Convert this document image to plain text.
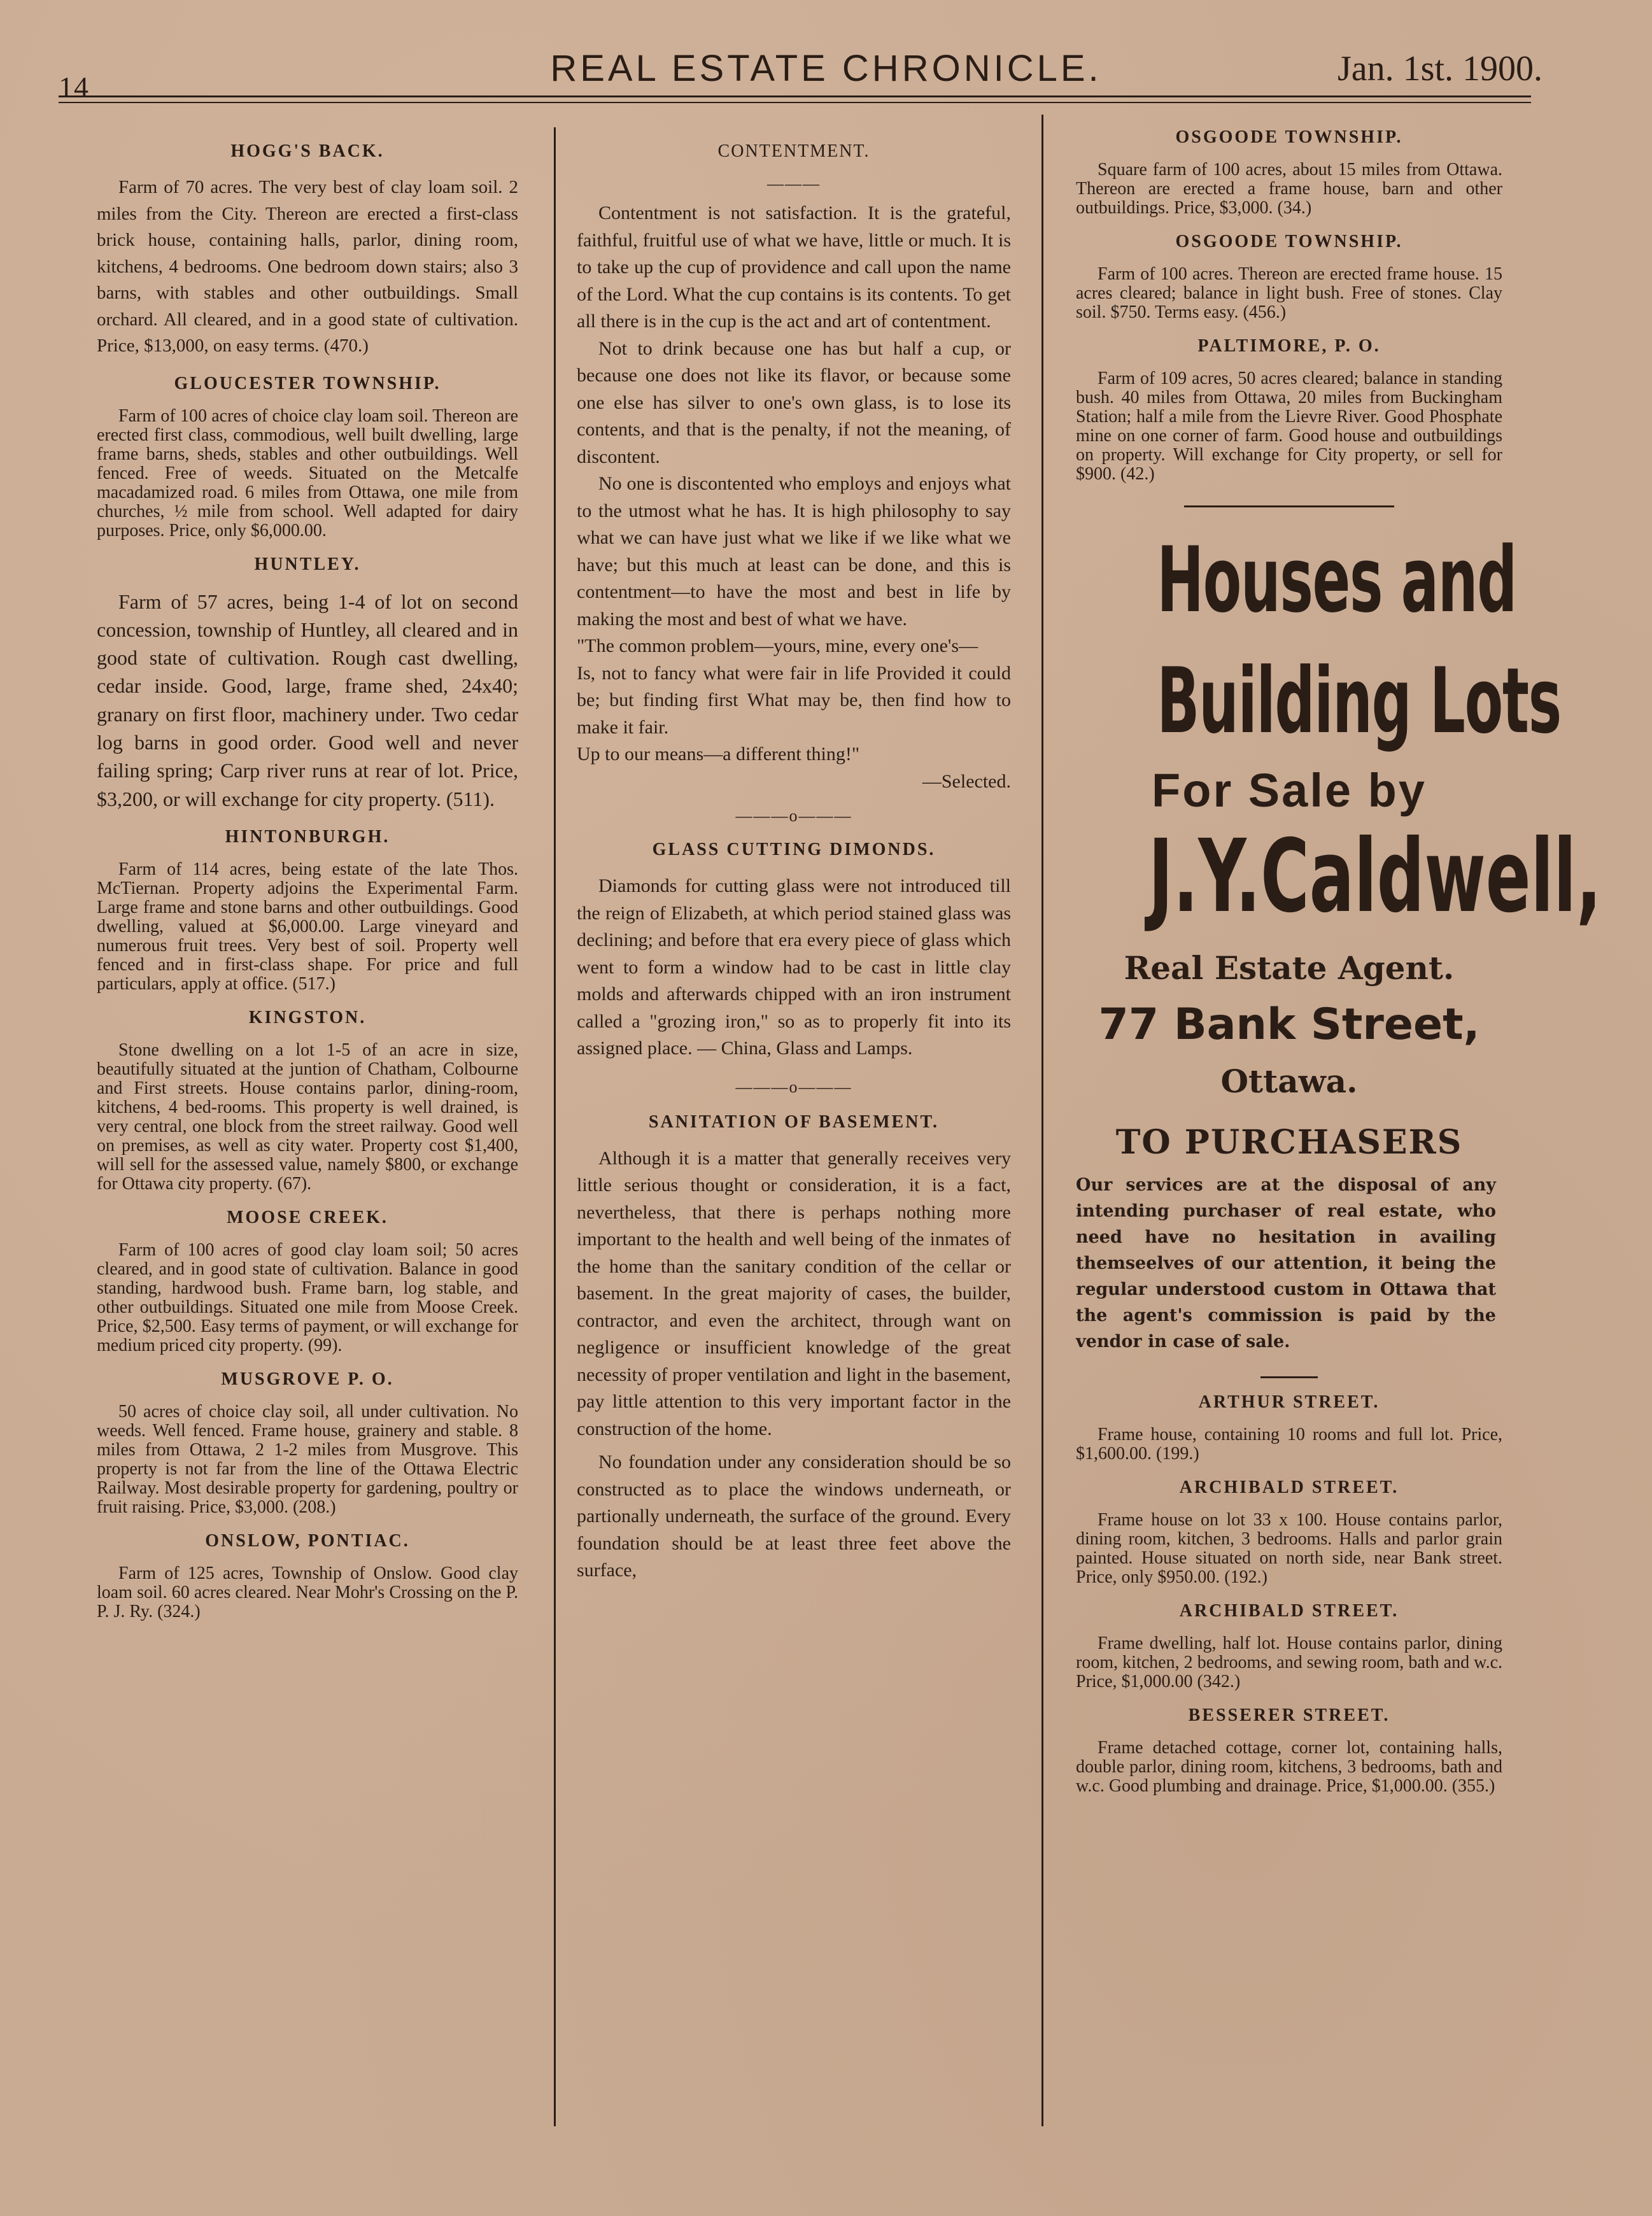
14	REAL ESTATE CHRONICLE.	Jan. 1st. 1900.
HOGG'S BACK.

Farm of 70 acres. The very best of clay loam soil. 2 miles from the City. Thereon are erected a first-class brick house, containing halls, parlor, dining room, kitchens, 4 bedrooms. One bedroom down stairs; also 3 barns, with stables and other outbuildings. Small orchard. All cleared, and in a good state of cultivation. Price, $13,000, on easy terms. (470.)

GLOUCESTER TOWNSHIP.

Farm of 100 acres of choice clay loam soil. Thereon are erected first class, commodious, well built dwelling, large frame barns, sheds, stables and other outbuildings. Well fenced. Free of weeds. Situated on the Metcalfe macadamized road. 6 miles from Ottawa, one mile from churches, ½ mile from school. Well adapted for dairy purposes. Price, only $6,000.00.

HUNTLEY.

Farm of 57 acres, being 1-4 of lot on second concession, township of Huntley, all cleared and in good state of cultivation. Rough cast dwelling, cedar inside. Good, large, frame shed, 24x40; granary on first floor, machinery under. Two cedar log barns in good order. Good well and never failing spring; Carp river runs at rear of lot. Price, $3,200, or will exchange for city property. (511).

HINTONBURGH.

Farm of 114 acres, being estate of the late Thos. McTiernan. Property adjoins the Experimental Farm. Large frame and stone barns and other outbuildings. Good dwelling, valued at $6,000.00. Large vineyard and numerous fruit trees. Very best of soil. Property well fenced and in first-class shape. For price and full particulars, apply at office. (517.)

KINGSTON.

Stone dwelling on a lot 1-5 of an acre in size, beautifully situated at the juntion of Chatham, Colbourne and First streets. House contains parlor, dining-room, kitchens, 4 bed-rooms. This property is well drained, is very central, one block from the street railway. Good well on premises, as well as city water. Property cost $1,400, will sell for the assessed value, namely $800, or exchange for Ottawa city property. (67).

MOOSE CREEK.

Farm of 100 acres of good clay loam soil; 50 acres cleared, and in good state of cultivation. Balance in good standing, hardwood bush. Frame barn, log stable, and other outbuildings. Situated one mile from Moose Creek. Price, $2,500. Easy terms of payment, or will exchange for medium priced city property. (99).

MUSGROVE P. O.

50 acres of choice clay soil, all under cultivation. No weeds. Well fenced. Frame house, grainery and stable. 8 miles from Ottawa, 2 1-2 miles from Musgrove. This property is not far from the line of the Ottawa Electric Railway. Most desirable property for gardening, poultry or fruit raising. Price, $3,000. (208.)

ONSLOW, PONTIAC.

Farm of 125 acres, Township of Onslow. Good clay loam soil. 60 acres cleared. Near Mohr's Crossing on the P. P. J. Ry. (324.)

CONTENTMENT.
———

Contentment is not satisfaction. It is the grateful, faithful, fruitful use of what we have, little or much. It is to take up the cup of providence and call upon the name of the Lord. What the cup contains is its contents. To get all there is in the cup is the act and art of contentment.

Not to drink because one has but half a cup, or because one does not like its flavor, or because some one else has silver to one's own glass, is to lose its contents, and that is the penalty, if not the meaning, of discontent.

No one is discontented who employs and enjoys what to the utmost what he has. It is high philosophy to say what we can have just what we like if we like what we have; but this much at least can be done, and this is contentment—to have the most and best in life by making the most and best of what we have.

"The common problem—yours, mine, every one's—

Is, not to fancy what were fair in life Provided it could be; but finding first What may be, then find how to make it fair.

Up to our means—a different thing!"

—Selected.

———o———
GLASS CUTTING DIMONDS.

Diamonds for cutting glass were not introduced till the reign of Elizabeth, at which period stained glass was declining; and before that era every piece of glass which went to form a window had to be cast in little clay molds and afterwards chipped with an iron instrument called a "grozing iron," so as to properly fit into its assigned place. — China, Glass and Lamps.

———o———
SANITATION OF BASEMENT.

Although it is a matter that generally receives very little serious thought or consideration, it is a fact, nevertheless, that there is perhaps nothing more important to the health and well being of the inmates of the home than the sanitary condition of the cellar or basement. In the great majority of cases, the builder, contractor, and even the architect, through want on negligence or insufficient knowledge of the great necessity of proper ventilation and light in the basement, pay little attention to this very important factor in the construction of the home.

No foundation under any consideration should be so constructed as to place the windows underneath, or partionally underneath, the surface of the ground. Every foundation should be at least three feet above the surface,

OSGOODE TOWNSHIP.

Square farm of 100 acres, about 15 miles from Ottawa. Thereon are erected a frame house, barn and other outbuildings. Price, $3,000. (34.)

OSGOODE TOWNSHIP.

Farm of 100 acres. Thereon are erected frame house. 15 acres cleared; balance in light bush. Free of stones. Clay soil. $750. Terms easy. (456.)

PALTIMORE, P. O.

Farm of 109 acres, 50 acres cleared; balance in standing bush. 40 miles from Ottawa, 20 miles from Buckingham Station; half a mile from the Lievre River. Good Phosphate mine on one corner of farm. Good house and outbuildings on property. Will exchange for City property, or sell for $900. (42.)

Houses and
Building Lots
For Sale by
J.Y.Caldwell,
Real Estate Agent.
77 Bank Street,
Ottawa.
TO PURCHASERS
Our services are at the disposal of any intending purchaser of real estate, who need have no hesitation in availing themseelves of our attention, it being the regular understood custom in Ottawa that the agent's commission is paid by the vendor in case of sale.
ARTHUR STREET.

Frame house, containing 10 rooms and full lot. Price, $1,600.00. (199.)

ARCHIBALD STREET.

Frame house on lot 33 x 100. House contains parlor, dining room, kitchen, 3 bedrooms. Halls and parlor grain painted. House situated on north side, near Bank street. Price, only $950.00. (192.)

ARCHIBALD STREET.

Frame dwelling, half lot. House contains parlor, dining room, kitchen, 2 bedrooms, and sewing room, bath and w.c. Price, $1,000.00 (342.)

BESSERER STREET.

Frame detached cottage, corner lot, containing halls, double parlor, dining room, kitchens, 3 bedrooms, bath and w.c. Good plumbing and drainage. Price, $1,000.00. (355.)
